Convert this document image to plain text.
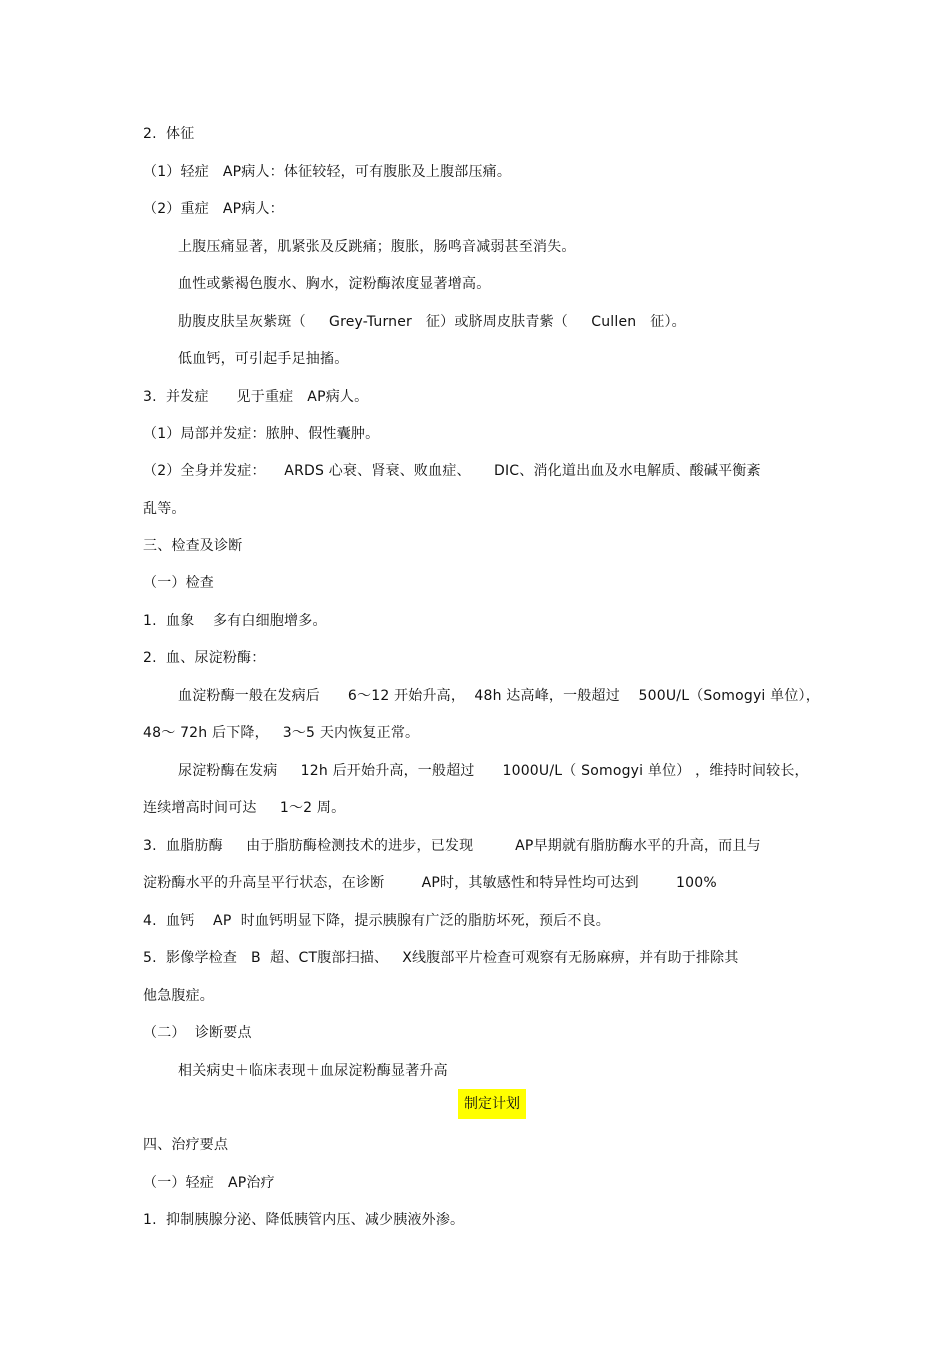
2.  体征
（1）轻症   AP病人：体征较轻，可有腹胀及上腹部压痛。
（2）重症   AP病人：
上腹压痛显著，肌紧张及反跳痛；腹胀，肠鸣音减弱甚至消失。
血性或紫褐色腹水、胸水，淀粉酶浓度显著增高。
肋腹皮肤呈灰紫斑（     Grey-Turner   征）或脐周皮肤青紫（     Cullen   征）。
低血钙，可引起手足抽搐。
3.  并发症      见于重症   AP病人。
（1）局部并发症：脓肿、假性囊肿。
（2）全身并发症：    ARDS 心衰、肾衰、败血症、     DIC、消化道出血及水电解质、酸碱平衡紊
乱等。
三、检查及诊断
（一）检查
1.  血象    多有白细胞增多。
2.  血、尿淀粉酶：
血淀粉酶一般在发病后      6～12 开始升高，  48h 达高峰，一般超过    500U/L（Somogyi 单位），
48～ 72h 后下降，   3～5 天内恢复正常。
尿淀粉酶在发病     12h 后开始升高，一般超过      1000U/L（ Somogyi 单位） ，维持时间较长，
连续增高时间可达     1～2 周。
3.  血脂肪酶     由于脂肪酶检测技术的进步，已发现         AP早期就有脂肪酶水平的升高，而且与
淀粉酶水平的升高呈平行状态，在诊断        AP时，其敏感性和特异性均可达到        100%
4.  血钙    AP  时血钙明显下降，提示胰腺有广泛的脂肪坏死，预后不良。
5.  影像学检查   B  超、CT腹部扫描、   X线腹部平片检查可观察有无肠麻痹，并有助于排除其
他急腹症。
（二）  诊断要点
相关病史＋临床表现＋血尿淀粉酶显著升高
制定计划
四、治疗要点
（一）轻症   AP治疗
1.  抑制胰腺分泌、降低胰管内压、减少胰液外渗。
